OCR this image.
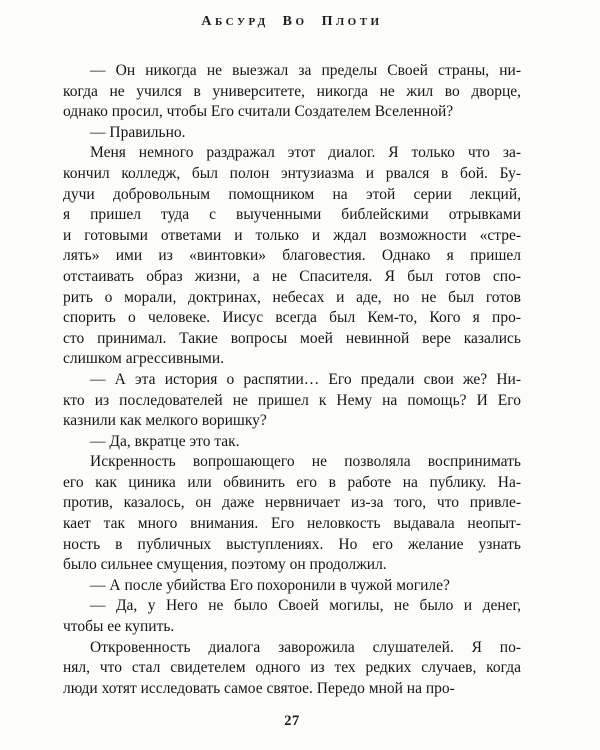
АБСУРД ВО ПЛОТИ
— Он никогда не выезжал за пределы Своей страны, ни-
когда не учился в университете, никогда не жил во дворце,
однако просил, чтобы Его считали Создателем Вселенной?
— Правильно.
Меня немного раздражал этот диалог. Я только что за-
кончил колледж, был полон энтузиазма и рвался в бой. Бу-
дучи добровольным помощником на этой серии лекций,
я пришел туда с выученными библейскими отрывками
и готовыми ответами и только и ждал возможности «стре-
лять» ими из «винтовки» благовестия. Однако я пришел
отстаивать образ жизни, а не Спасителя. Я был готов спо-
рить о морали, доктринах, небесах и аде, но не был готов
спорить о человеке. Иисус всегда был Кем-то, Кого я про-
сто принимал. Такие вопросы моей невинной вере казались
слишком агрессивными.
— А эта история о распятии… Его предали свои же? Ни-
кто из последователей не пришел к Нему на помощь? И Его
казнили как мелкого воришку?
— Да, вкратце это так.
Искренность вопрошающего не позволяла воспринимать
его как циника или обвинить его в работе на публику. На-
против, казалось, он даже нервничает из-за того, что привле-
кает так много внимания. Его неловкость выдавала неопыт-
ность в публичных выступлениях. Но его желание узнать
было сильнее смущения, поэтому он продолжил.
— А после убийства Его похоронили в чужой могиле?
— Да, у Него не было Своей могилы, не было и денег,
чтобы ее купить.
Откровенность диалога заворожила слушателей. Я по-
нял, что стал свидетелем одного из тех редких случаев, когда
люди хотят исследовать самое святое. Передо мной на про-
27
